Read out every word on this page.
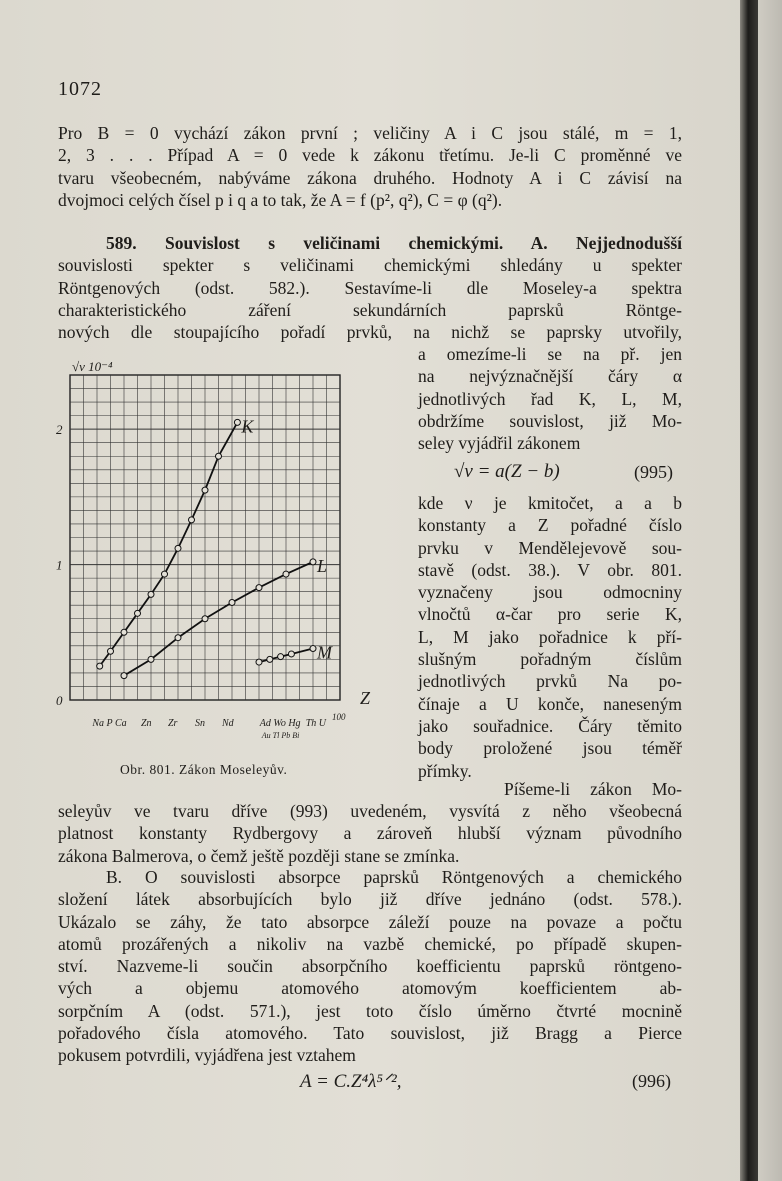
1072
Pro B = 0 vychází zákon první ; veličiny A i C jsou stálé, m = 1,
2, 3 . . . Případ A = 0 vede k zákonu třetímu. Je-li C proměnné ve
tvaru všeobecném, nabýváme zákona druhého. Hodnoty A i C závisí na
dvojmoci celých čísel p i q a to tak, že A = f (p², q²), C = φ (q²).
589. Souvislost s veličinami chemickými. A. Nejjednodušší
souvislosti spekter s veličinami chemickými shledány u spekter
Röntgenových (odst. 582.). Sestavíme-li dle Moseley-a spektra
charakteristického záření sekundárních paprsků Röntge-
nových dle stoupajícího pořadí prvků, na nichž se paprsky utvořily,
a omezíme-li se na př. jen
na nejvýznačnější čáry α
jednotlivých řad K, L, M,
obdržíme souvislost, již Mo-
seley vyjádřil zákonem
√ν = a(Z − b)	(995)
kde ν je kmitočet, a a b
konstanty a Z pořadné číslo
prvku v Mendělejevově sou-
stavě (odst. 38.). V obr. 801.
vyznačeny jsou odmocniny
vlnočtů α-čar pro serie K,
L, M jako pořadnice k pří-
slušným pořadným číslům
jednotlivých prvků Na po-
čínaje a U konče, naneseným
jako souřadnice. Čáry těmito
body proložené jsou téměř
přímky.
Píšeme-li zákon Mo-
seleyův ve tvaru dříve (993) uvedeném, vysvítá z něho všeobecná
platnost konstanty Rydbergovy a zároveň hlubší význam původního
zákona Balmerova, o čemž ještě později stane se zmínka.
B. O souvislosti absorpce paprsků Röntgenových a chemického
složení látek absorbujících bylo již dříve jednáno (odst. 578.).
Ukázalo se záhy, že tato absorpce záleží pouze na povaze a počtu
atomů prozářených a nikoliv na vazbě chemické, po případě skupen-
ství. Nazveme-li součin absorpčního koefficientu paprsků röntgeno-
vých a objemu atomového atomovým koefficientem ab-
sorpčním A (odst. 571.), jest toto číslo úměrno čtvrté mocnině
pořadového čísla atomového. Tato souvislost, již Bragg a Pierce
pokusem potvrdili, vyjádřena jest vztahem
A = C.Z⁴λ⁵ᐟ²,	(996)
K
L
M
√ν 10⁻⁴
Z
2
1
0
Na P Ca Zn Zr Sn Nd	Ad Wo Hg Th U
Au Tl Pb Bi
100
Obr. 801. Zákon Moseleyův.
